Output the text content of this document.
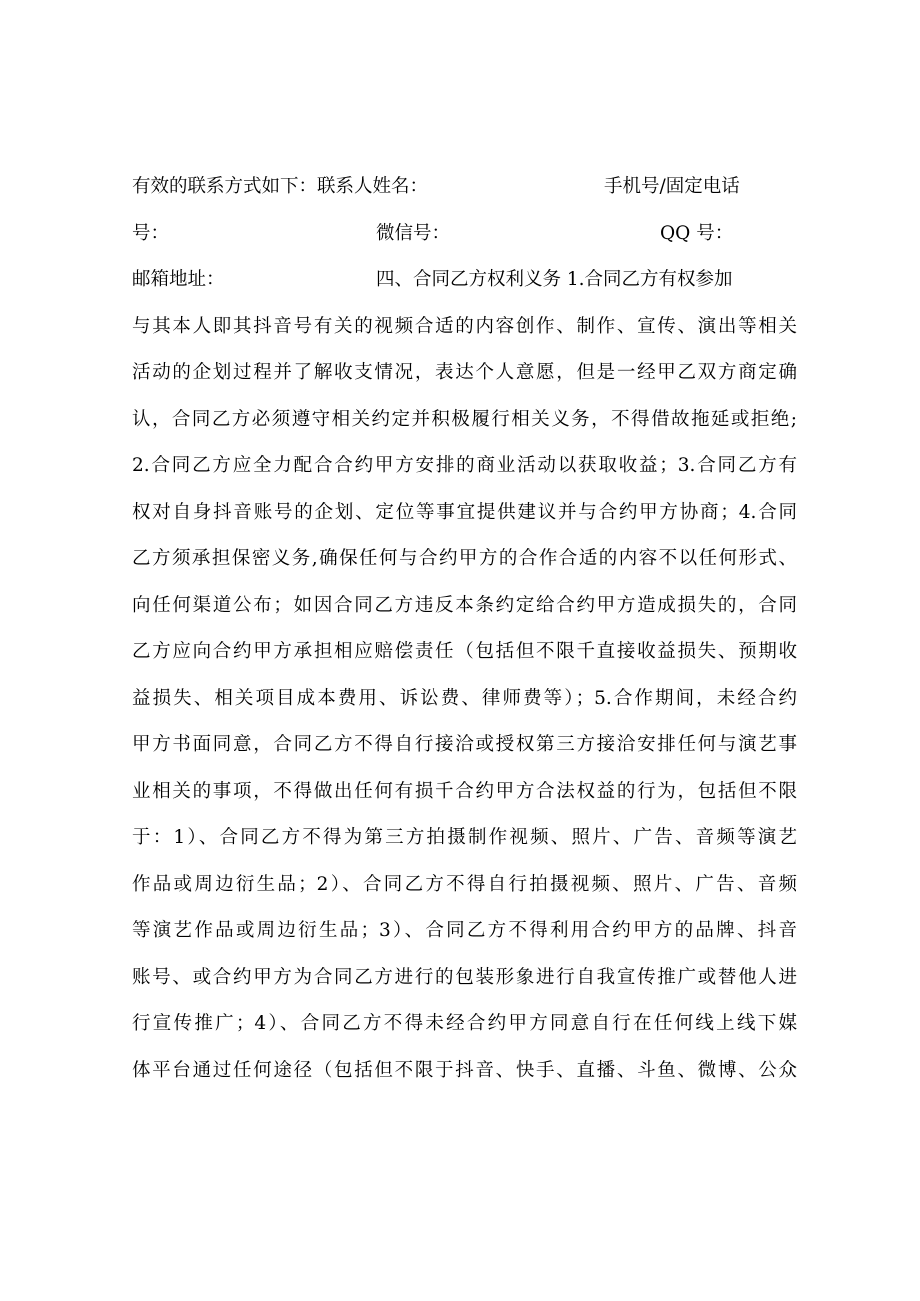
有效的联系方式如下：联系人姓名：	手机号/固定电话
号：	微信号：	QQ 号：
邮箱地址：	四、合同乙方权利义务 1.合同乙方有权参加
与其本人即其抖音号有关的视频合适的内容创作、制作、宣传、演出等相关
活动的企划过程并了解收支情况，表达个人意愿，但是一经甲乙双方商定确
认，合同乙方必须遵守相关约定并积极履行相关义务，不得借故拖延或拒绝;
2.合同乙方应全力配合合约甲方安排的商业活动以获取收益；3.合同乙方有
权对自身抖音账号的企划、定位等事宜提供建议并与合约甲方协商；4.合同
乙方须承担保密义务,确保任何与合约甲方的合作合适的内容不以任何形式、
向任何渠道公布；如因合同乙方违反本条约定给合约甲方造成损失的，合同
乙方应向合约甲方承担相应赔偿责任（包括但不限千直接收益损失、预期收
益损失、相关项目成本费用、诉讼费、律师费等）；5.合作期间，未经合约
甲方书面同意，合同乙方不得自行接洽或授权第三方接洽安排任何与演艺事
业相关的事项，不得做出任何有损千合约甲方合法权益的行为，包括但不限
于：1）、合同乙方不得为第三方拍摄制作视频、照片、广告、音频等演艺
作品或周边衍生品；2）、合同乙方不得自行拍摄视频、照片、广告、音频
等演艺作品或周边衍生品；3）、合同乙方不得利用合约甲方的品牌、抖音
账号、或合约甲方为合同乙方进行的包装形象进行自我宣传推广或替他人进
行宣传推广；4）、合同乙方不得未经合约甲方同意自行在任何线上线下媒
体平台通过任何途径（包括但不限于抖音、快手、直播、斗鱼、微博、公众
